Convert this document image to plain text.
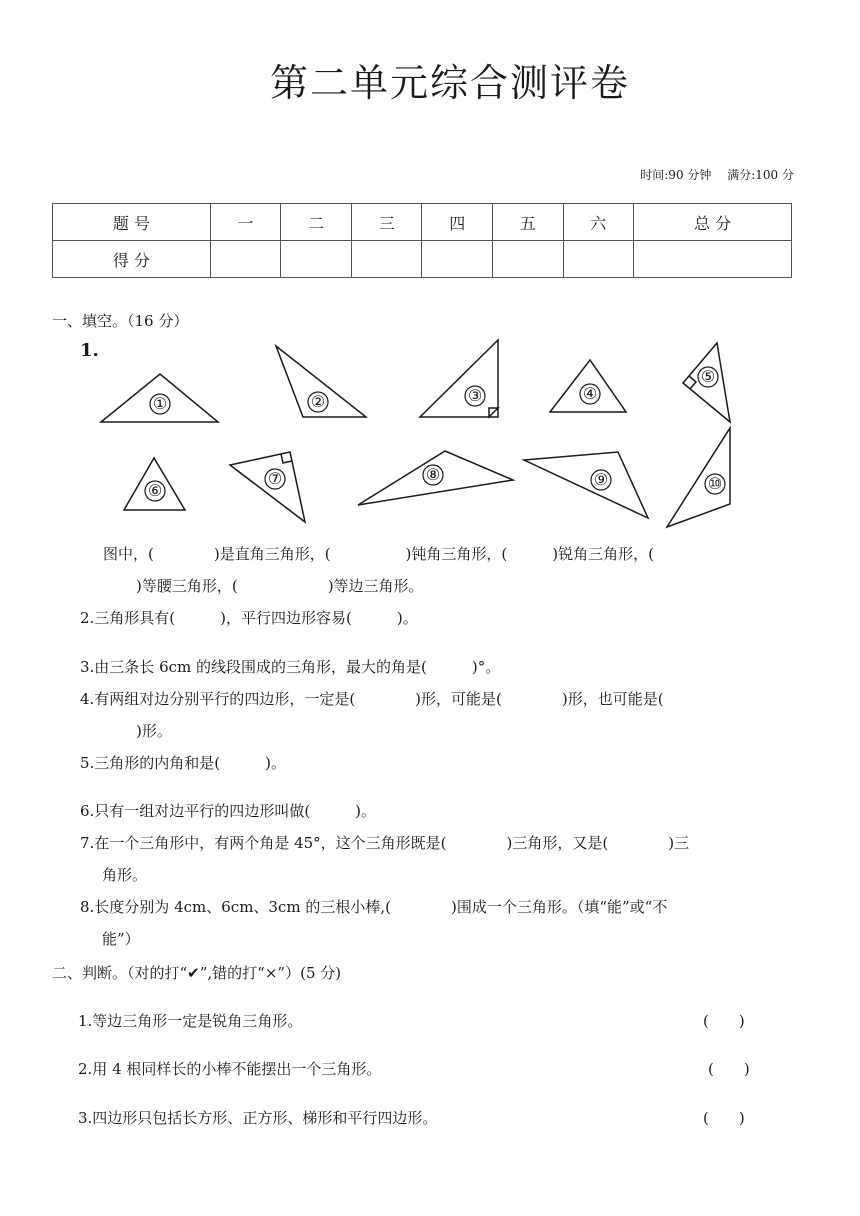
第二单元综合测评卷
时间:90 分钟 满分:100 分
题 号	一	二	三	四	五	六	总 分
得 分							
一、填空。（16 分）
1.
①	②	③	④
⑤
⑥
⑦	⑧	⑨	⑩
图中，(　　　　)是直角三角形，(　　　　　)钝角三角形，(　　　)锐角三角形，(
)等腰三角形，(　　　　　　)等边三角形。
2.三角形具有(　　　)，平行四边形容易(　　　)。
3.由三条长 6cm 的线段围成的三角形，最大的角是(　　　)°。
4.有两组对边分别平行的四边形，一定是(　　　　)形，可能是(　　　　)形，也可能是(
)形。
5.三角形的内角和是(　　　)。
6.只有一组对边平行的四边形叫做(　　　)。
7.在一个三角形中，有两个角是 45°，这个三角形既是(　　　　)三角形，又是(　　　　)三
角形。
8.长度分别为 4cm、6cm、3cm 的三根小棒,(　　　　)围成一个三角形。（填“能”或“不
能”）
二、判断。（对的打“✔”,错的打“×”）(5 分)
1.等边三角形一定是锐角三角形。	(　　)
2.用 4 根同样长的小棒不能摆出一个三角形。	(　　)
3.四边形只包括长方形、正方形、梯形和平行四边形。	(　　)
